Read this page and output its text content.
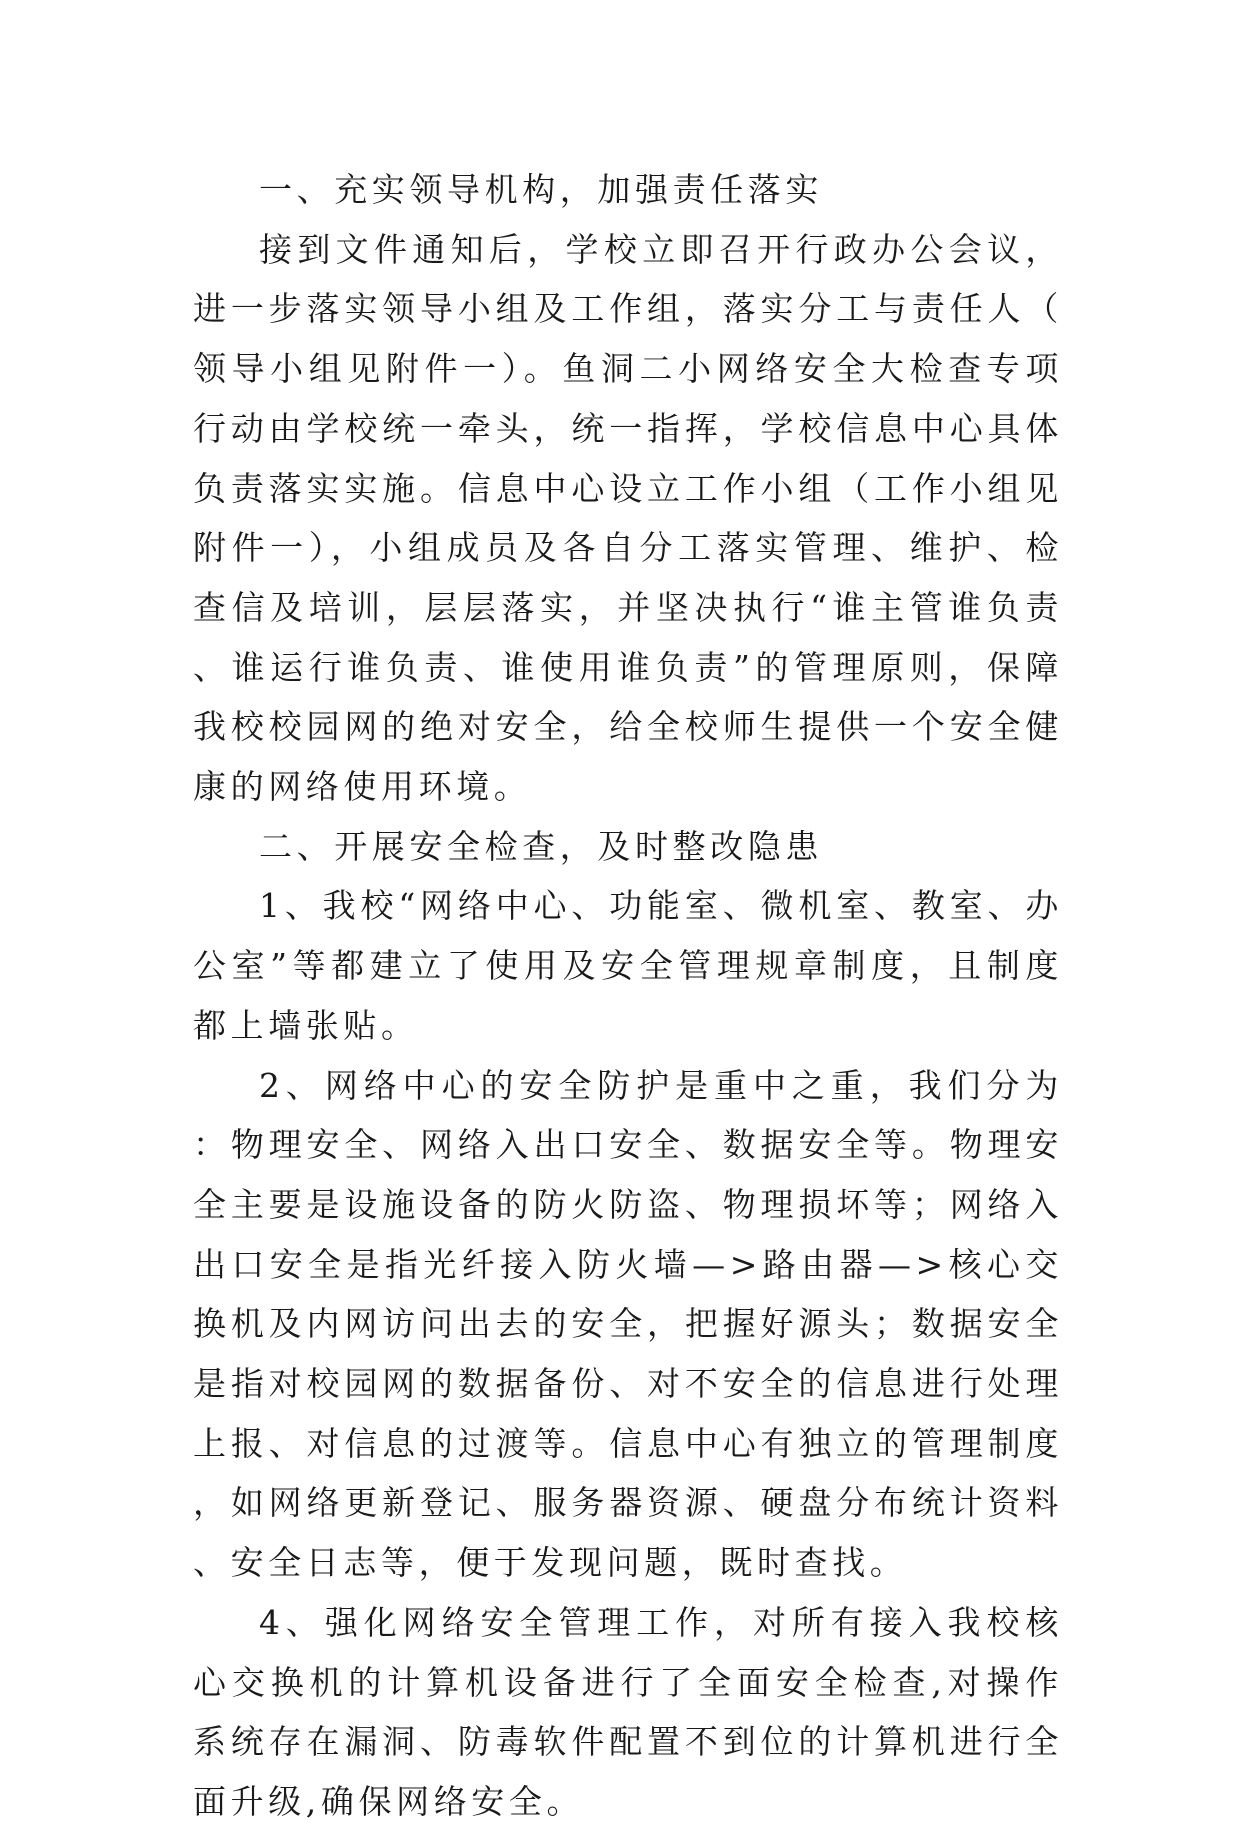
一、充实领导机构，加强责任落实

接到文件通知后，学校立即召开行政办公会议，进一步落实领导小组及工作组，落实分工与责任人（领导小组见附件一）。鱼洞二小网络安全大检查专项行动由学校统一牵头，统一指挥，学校信息中心具体负责落实实施。信息中心设立工作小组（工作小组见附件一），小组成员及各自分工落实管理、维护、检查信及培训，层层落实，并坚决执行“谁主管谁负责、谁运行谁负责、谁使用谁负责”的管理原则，保障我校校园网的绝对安全，给全校师生提供一个安全健康的网络使用环境。

二、开展安全检查，及时整改隐患

1、我校“网络中心、功能室、微机室、教室、办公室”等都建立了使用及安全管理规章制度，且制度都上墙张贴。

2、网络中心的安全防护是重中之重，我们分为：物理安全、网络入出口安全、数据安全等。物理安全主要是设施设备的防火防盗、物理损坏等；网络入出口安全是指光纤接入防火墙—>路由器—>核心交换机及内网访问出去的安全，把握好源头；数据安全是指对校园网的数据备份、对不安全的信息进行处理上报、对信息的过渡等。信息中心有独立的管理制度，如网络更新登记、服务器资源、硬盘分布统计资料、安全日志等，便于发现问题，既时查找。

4、强化网络安全管理工作，对所有接入我校核心交换机的计算机设备进行了全面安全检查,对操作系统存在漏洞、防毒软件配置不到位的计算机进行全面升级,确保网络安全。
